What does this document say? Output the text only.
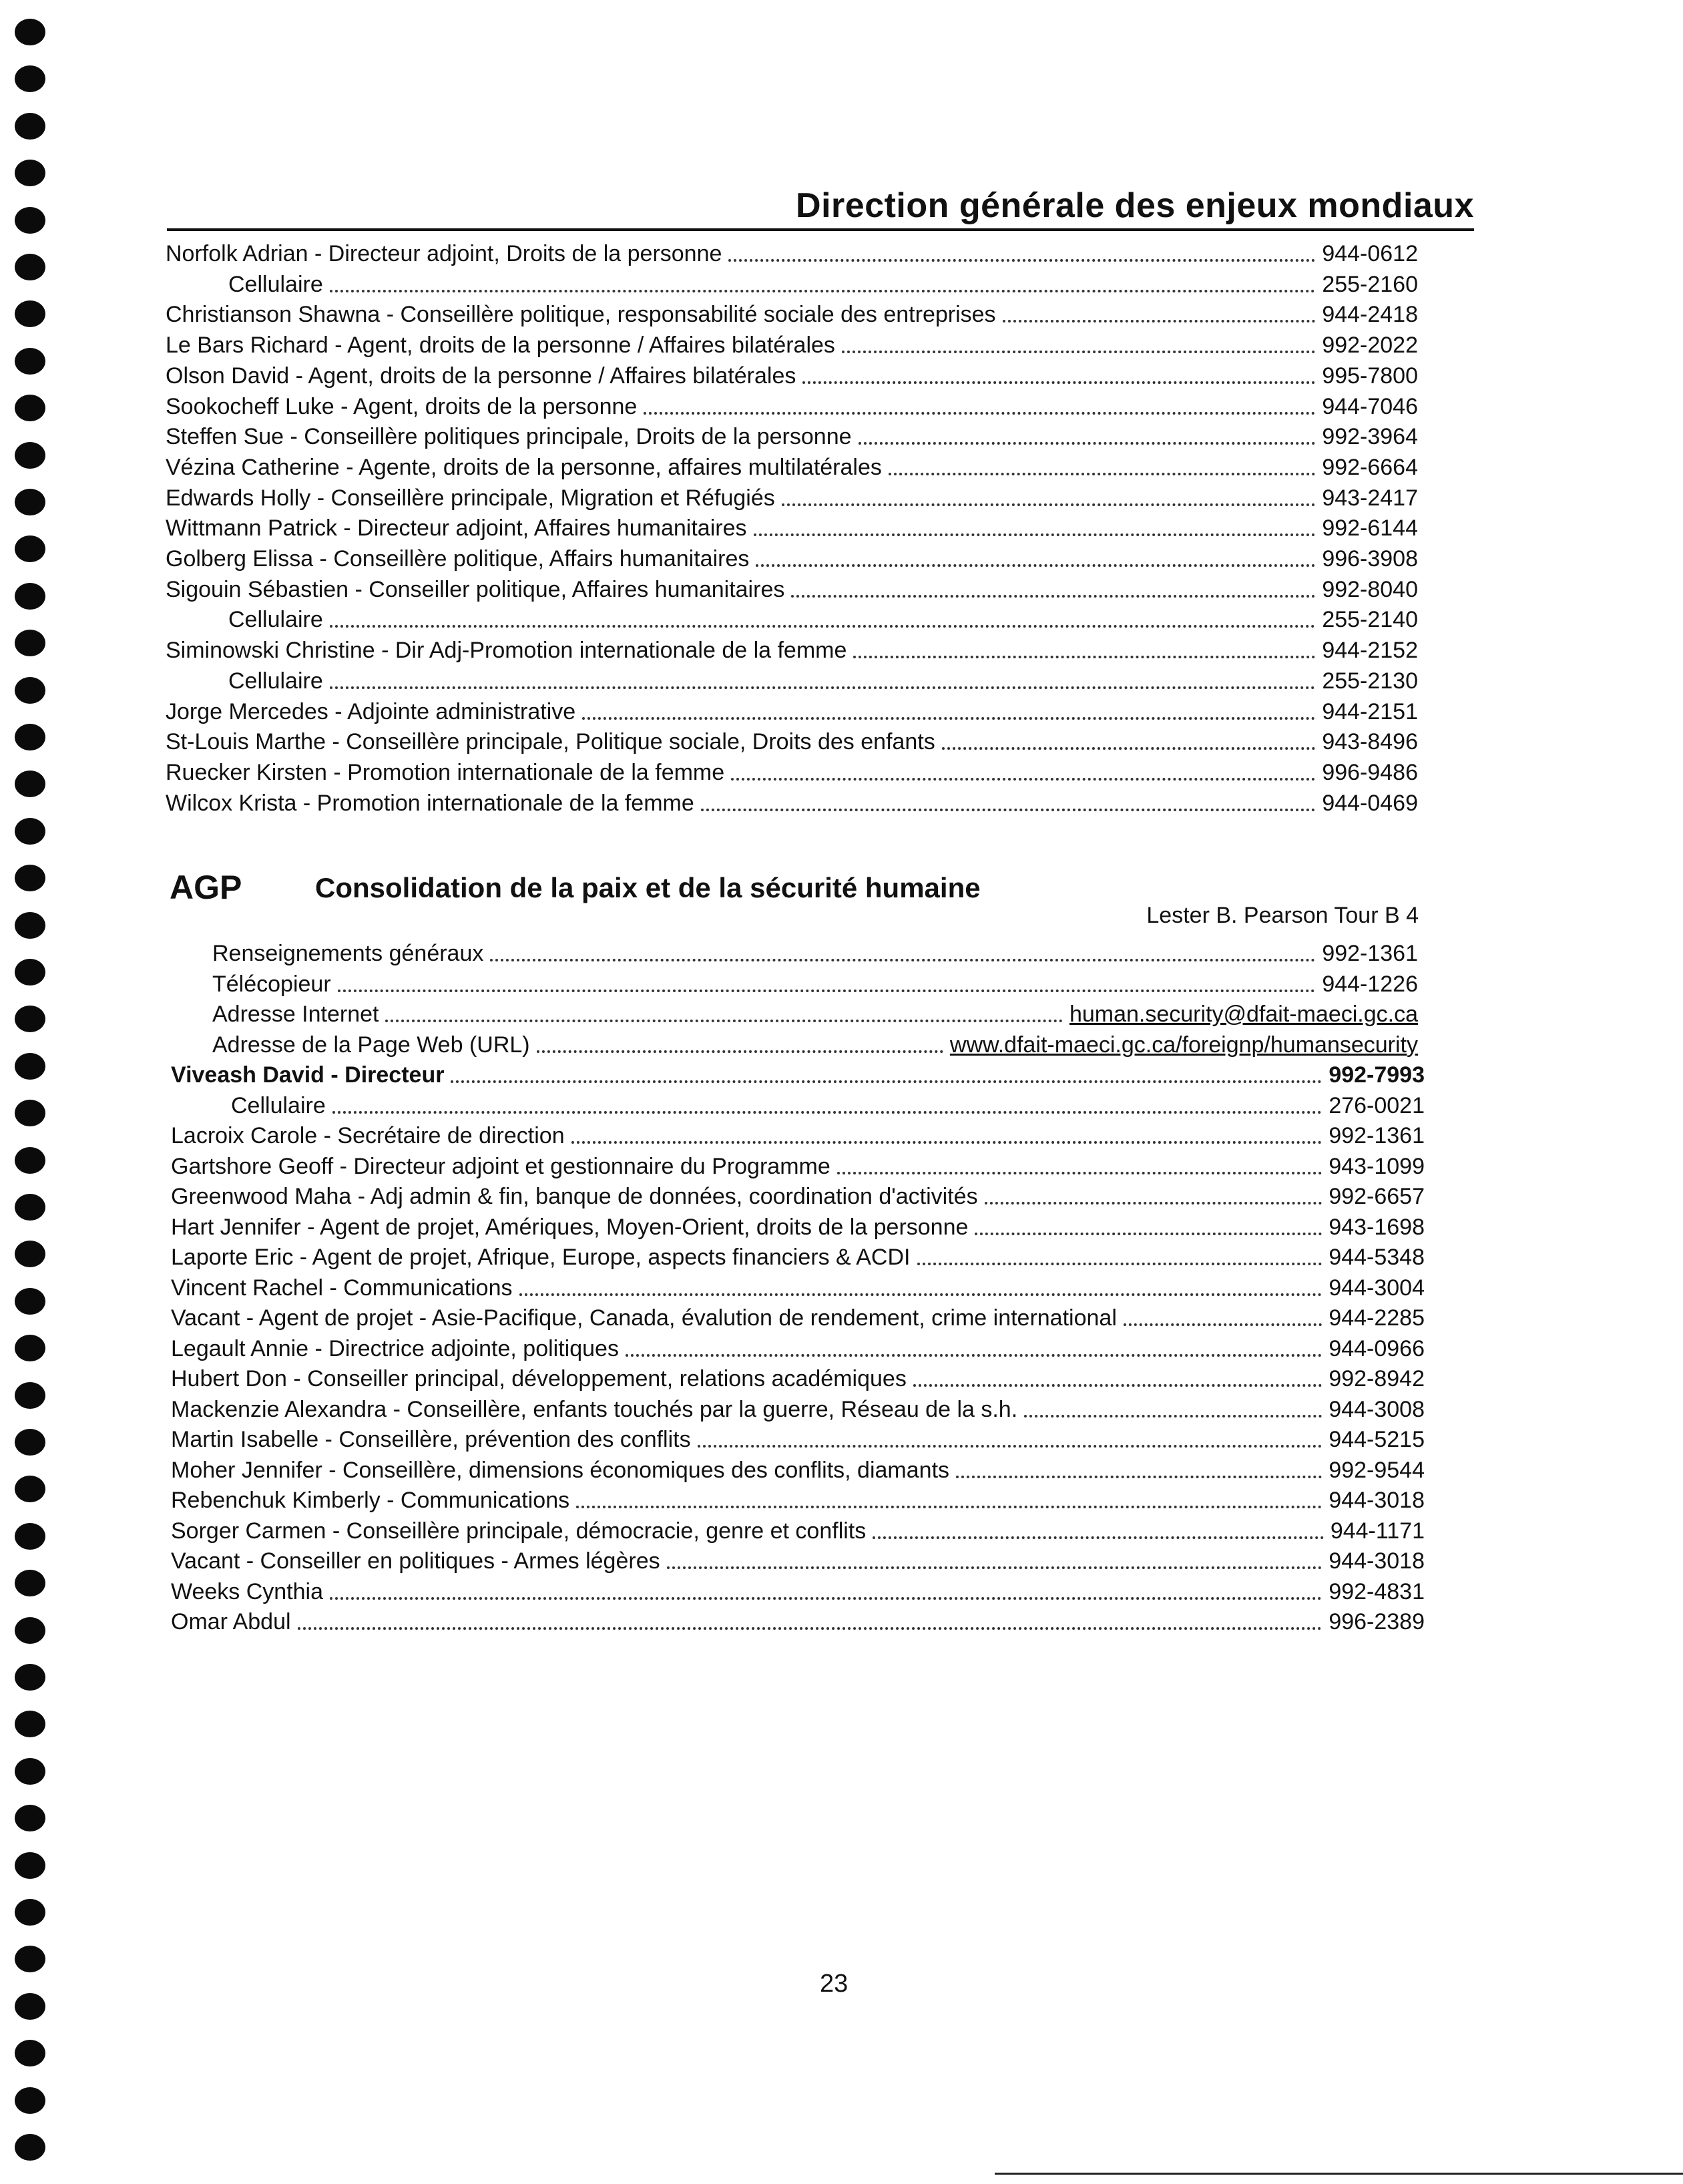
Direction générale des enjeux mondiaux
Norfolk Adrian - Directeur adjoint, Droits de la personne	944-0612
Cellulaire	255-2160
Christianson Shawna - Conseillère politique, responsabilité sociale des entreprises	944-2418
Le Bars Richard - Agent, droits de la personne / Affaires bilatérales	992-2022
Olson David - Agent, droits de la personne / Affaires bilatérales	995-7800
Sookocheff Luke - Agent, droits de la personne	944-7046
Steffen Sue - Conseillère politiques principale, Droits de la personne	992-3964
Vézina Catherine - Agente, droits de la personne, affaires multilatérales	992-6664
Edwards Holly - Conseillère principale, Migration et Réfugiés	943-2417
Wittmann Patrick - Directeur adjoint, Affaires humanitaires	992-6144
Golberg Elissa - Conseillère politique, Affairs humanitaires	996-3908
Sigouin Sébastien - Conseiller politique, Affaires humanitaires	992-8040
Cellulaire	255-2140
Siminowski Christine - Dir Adj-Promotion internationale de la femme	944-2152
Cellulaire	255-2130
Jorge Mercedes - Adjointe administrative	944-2151
St-Louis Marthe - Conseillère principale, Politique sociale, Droits des enfants	943-8496
Ruecker Kirsten - Promotion internationale de la femme	996-9486
Wilcox Krista - Promotion internationale de la femme	944-0469
AGP	Consolidation de la paix et de la sécurité humaine
Lester B. Pearson Tour B 4
Renseignements généraux	992-1361
Télécopieur	944-1226
Adresse Internet	human.security@dfait-maeci.gc.ca
Adresse de la Page Web (URL)	www.dfait-maeci.gc.ca/foreignp/humansecurity
Viveash David - Directeur	992-7993
Cellulaire	276-0021
Lacroix Carole - Secrétaire de direction	992-1361
Gartshore Geoff - Directeur adjoint et gestionnaire du Programme	943-1099
Greenwood Maha - Adj admin & fin, banque de données, coordination d'activités	992-6657
Hart Jennifer - Agent de projet, Amériques, Moyen-Orient, droits de la personne	943-1698
Laporte Eric - Agent de projet, Afrique, Europe, aspects financiers & ACDI	944-5348
Vincent Rachel - Communications	944-3004
Vacant - Agent de projet - Asie-Pacifique, Canada, évalution de rendement, crime international	944-2285
Legault Annie - Directrice adjointe, politiques	944-0966
Hubert Don - Conseiller principal, développement, relations académiques	992-8942
Mackenzie Alexandra - Conseillère, enfants touchés par la guerre, Réseau de la s.h.	944-3008
Martin Isabelle - Conseillère, prévention des conflits	944-5215
Moher Jennifer - Conseillère, dimensions économiques des conflits, diamants	992-9544
Rebenchuk Kimberly - Communications	944-3018
Sorger Carmen - Conseillère principale, démocracie, genre et conflits	944-1171
Vacant - Conseiller en politiques - Armes légères	944-3018
Weeks Cynthia	992-4831
Omar Abdul	996-2389
23
